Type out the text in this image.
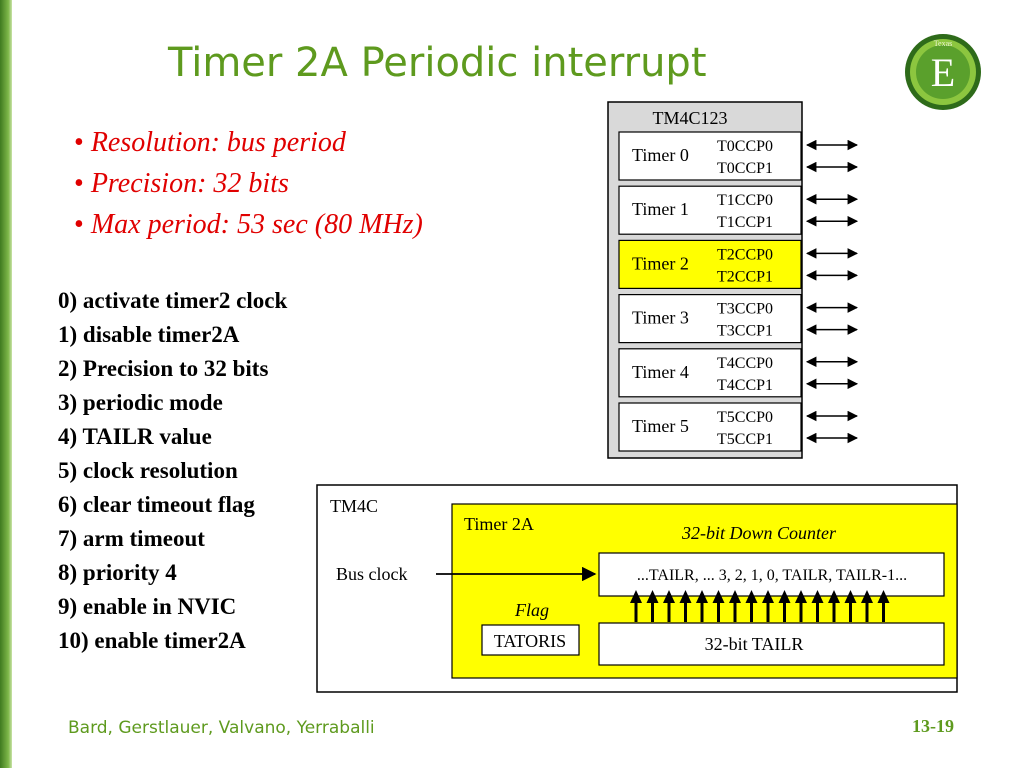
Timer 2A Periodic interrupt	Texas
E
• Resolution: bus period
• Precision: 32 bits
• Max period: 53 sec (80 MHz)
0) activate timer2 clock
1) disable timer2A
2) Precision to 32 bits
3) periodic mode
4) TAILR value
5) clock resolution
6) clear timeout flag
7) arm timeout
8) priority 4
9) enable in NVIC
10) enable timer2A
TM4C123
Timer 0 T0CCP0
T0CCP1
Timer 1 T1CCP0
T1CCP1
Timer 2 T2CCP0
T2CCP1
Timer 3 T3CCP0
T3CCP1
Timer 4 T4CCP0
T4CCP1
Timer 5 T5CCP0
T5CCP1
TM4C
Timer 2A	32-bit Down Counter
Bus clock	...TAILR, ... 3, 2, 1, 0, TAILR, TAILR-1...
Flag
TATORIS	32-bit TAILR
Bard, Gerstlauer, Valvano, Yerraballi	13-19
